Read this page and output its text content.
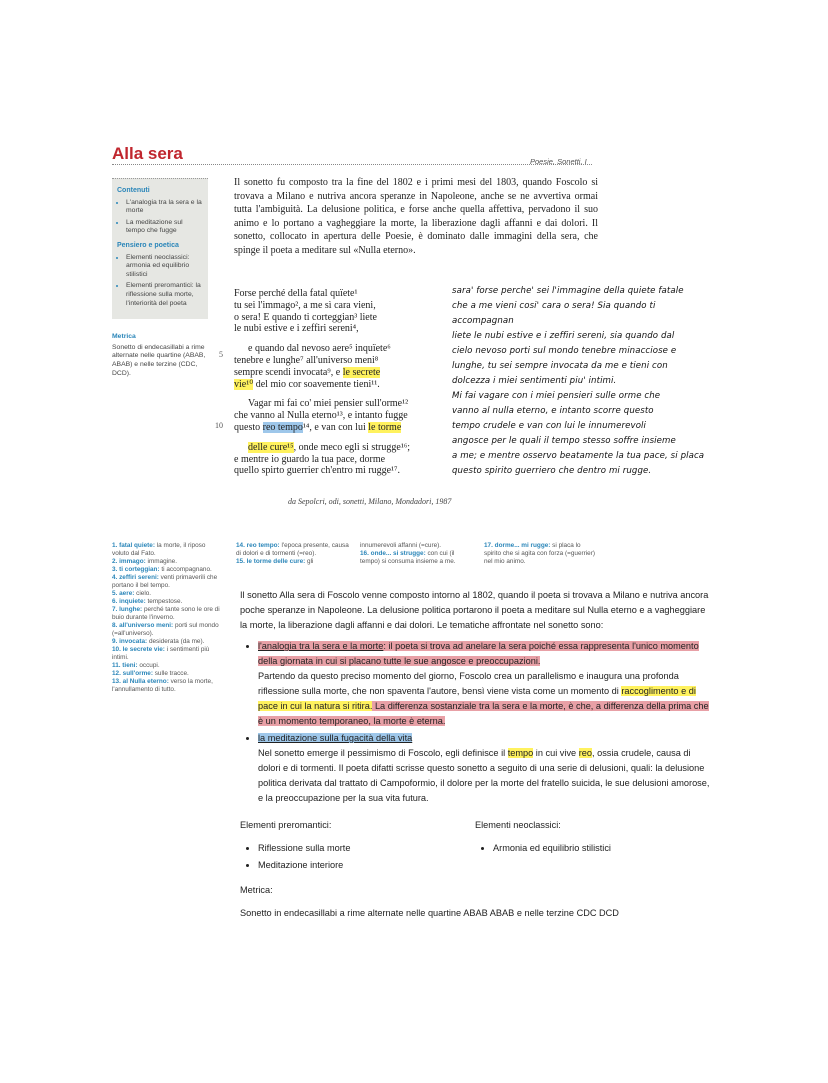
Alla sera	Poesie, Sonetti, I
Contenuti
• L'analogia tra la sera e la morte
• La meditazione sul tempo che fugge
Pensiero e poetica
• Elementi neoclassici: armonia ed equilibrio stilistici
• Elementi preromantici: la riflessione sulla morte, l'interiorità del poeta
Metrica
Sonetto di endecasillabi a rime alternate nelle quartine (ABAB, ABAB) e nelle terzine (CDC, DCD).
Il sonetto fu composto tra la fine del 1802 e i primi mesi del 1803, quando Foscolo si trovava a Milano e nutriva ancora speranze in Napoleone, anche se ne avvertiva ormai tutta l'ambiguità. La delusione politica, e forse anche quella affettiva, pervadono il suo animo e lo portano a vagheggiare la morte, la liberazione dagli affanni e dai dolori. Il sonetto, collocato in apertura delle Poesie, è dominato dalle immagini della sera, che spinge il poeta a meditare sul «Nulla eterno».
Forse perché della fatal quïete¹
tu sei l'immago², a me sì cara vieni,
o sera! E quando ti corteggian³ liete
le nubi estive e i zeffiri sereni⁴,
e quando dal nevoso aere⁵ inquïete⁶
tenebre e lunghe⁷ all'universo meni⁸
sempre scendi invocata⁹, e le secrete
vie¹⁰ del mio cor soavemente tieni¹¹.
Vagar mi fai co' miei pensier sull'orme¹²
che vanno al Nulla eterno¹³, e intanto fugge
questo reo tempo¹⁴, e van con lui le torme
delle cure¹⁵, onde meco egli si strugge¹⁶;
e mentre io guardo la tua pace, dorme
quello spirto guerrier ch'entro mi rugge¹⁷.
5
10
da Sepolcri, odi, sonetti, Milano, Mondadori, 1987
sara' forse perche' sei l'immagine della quiete fatale
che a me vieni cosi' cara o sera! Sia quando ti accompagnan
liete le nubi estive e i zeffiri sereni, sia quando dal
cielo nevoso porti sul mondo tenebre minacciose e
lunghe, tu sei sempre invocata da me e tieni con
dolcezza i miei sentimenti piu' intimi.
Mi fai vagare con i miei pensieri sulle orme che
vanno al nulla eterno, e intanto scorre questo
tempo crudele e van con lui le innumerevoli
angosce per le quali il tempo stesso soffre insieme
a me; e mentre osservo beatamente la tua pace, si placa
questo spirito guerriero che dentro mi rugge.
1. fatal quiete: la morte, il riposo voluto dal Fato.
2. immago: immagine.
3. ti corteggian: ti accompagnano.
4. zeffiri sereni: venti primaverili che portano il bel tempo.
5. aere: cielo.
6. inquiete: tempestose.
7. lunghe: perché tante sono le ore di buio durante l'inverno.
8. all'universo meni: porti sul mondo (=all'universo).
9. invocata: desiderata (da me).
10. le secrete vie: i sentimenti più intimi.
11. tieni: occupi.
12. sull'orme: sulle tracce.
13. al Nulla eterno: verso la morte, l'annullamento di tutto.
14. reo tempo: l'epoca presente, causa di dolori e di tormenti (=reo).
15. le torme delle cure: gli
innumerevoli affanni (=cure).
16. onde... si strugge: con cui (il tempo) si consuma insieme a me.
17. dorme... mi rugge: si placa lo spirito che si agita con forza (=guerrier) nel mio animo.

Il sonetto Alla sera di Foscolo venne composto intorno al 1802, quando il poeta si trovava a Milano e nutriva ancora poche speranze in Napoleone. La delusione politica portarono il poeta a meditare sul Nulla eterno e a vagheggiare la morte, la liberazione dagli affanni e dai dolori. Le tematiche affrontate nel sonetto sono:

• l'analogia tra la sera e la morte: il poeta si trova ad anelare la sera poiché essa rappresenta l'unico momento della giornata in cui si placano tutte le sue angosce e preoccupazioni.
Partendo da questo preciso momento del giorno, Foscolo crea un parallelismo e inaugura una profonda riflessione sulla morte, che non spaventa l'autore, bensì viene vista come un momento di raccoglimento e di pace in cui la natura si ritira. La differenza sostanziale tra la sera e la morte, è che, a differenza della prima che è un momento temporaneo, la morte è eterna.
• la meditazione sulla fugacità della vita
Nel sonetto emerge il pessimismo di Foscolo, egli definisce il tempo in cui vive reo, ossia crudele, causa di dolori e di tormenti. Il poeta difatti scrisse questo sonetto a seguito di una serie di delusioni, quali: la delusione politica derivata dal trattato di Campoformio, il dolore per la morte del fratello suicida, le sue delusioni amorose, e la preoccupazione per la sua vita futura.

Elementi preromantici:

• Riflessione sulla morte
• Meditazione interiore

Elementi neoclassici:

• Armonia ed equilibrio stilistici

Metrica:

Sonetto in endecasillabi a rime alternate nelle quartine ABAB ABAB e nelle terzine CDC DCD
